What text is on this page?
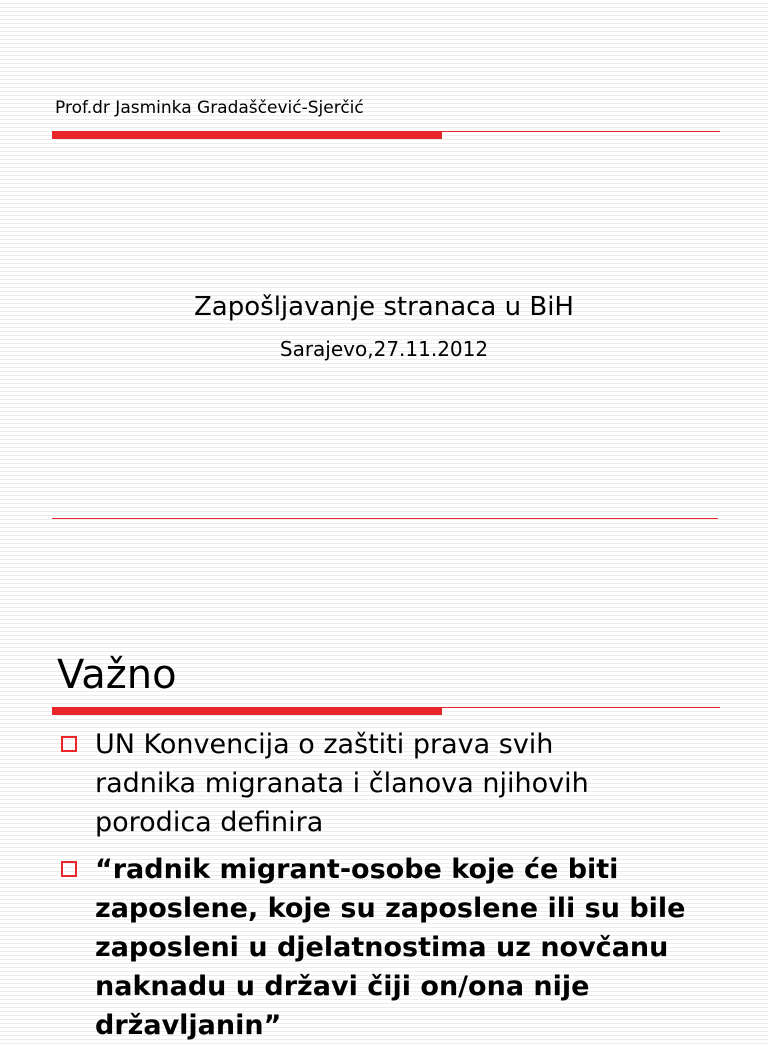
Prof.dr Jasminka Gradaščević-Sjerčić
Zapošljavanje stranaca u BiH
Sarajevo,27.11.2012
Važno
UN Konvencija o zaštiti prava svih
radnika migranata i članova njihovih
porodica definira
“radnik migrant-osobe koje će biti
zaposlene, koje su zaposlene ili su bile
zaposleni u djelatnostima uz novčanu
naknadu u državi čiji on/ona nije
državljanin”
